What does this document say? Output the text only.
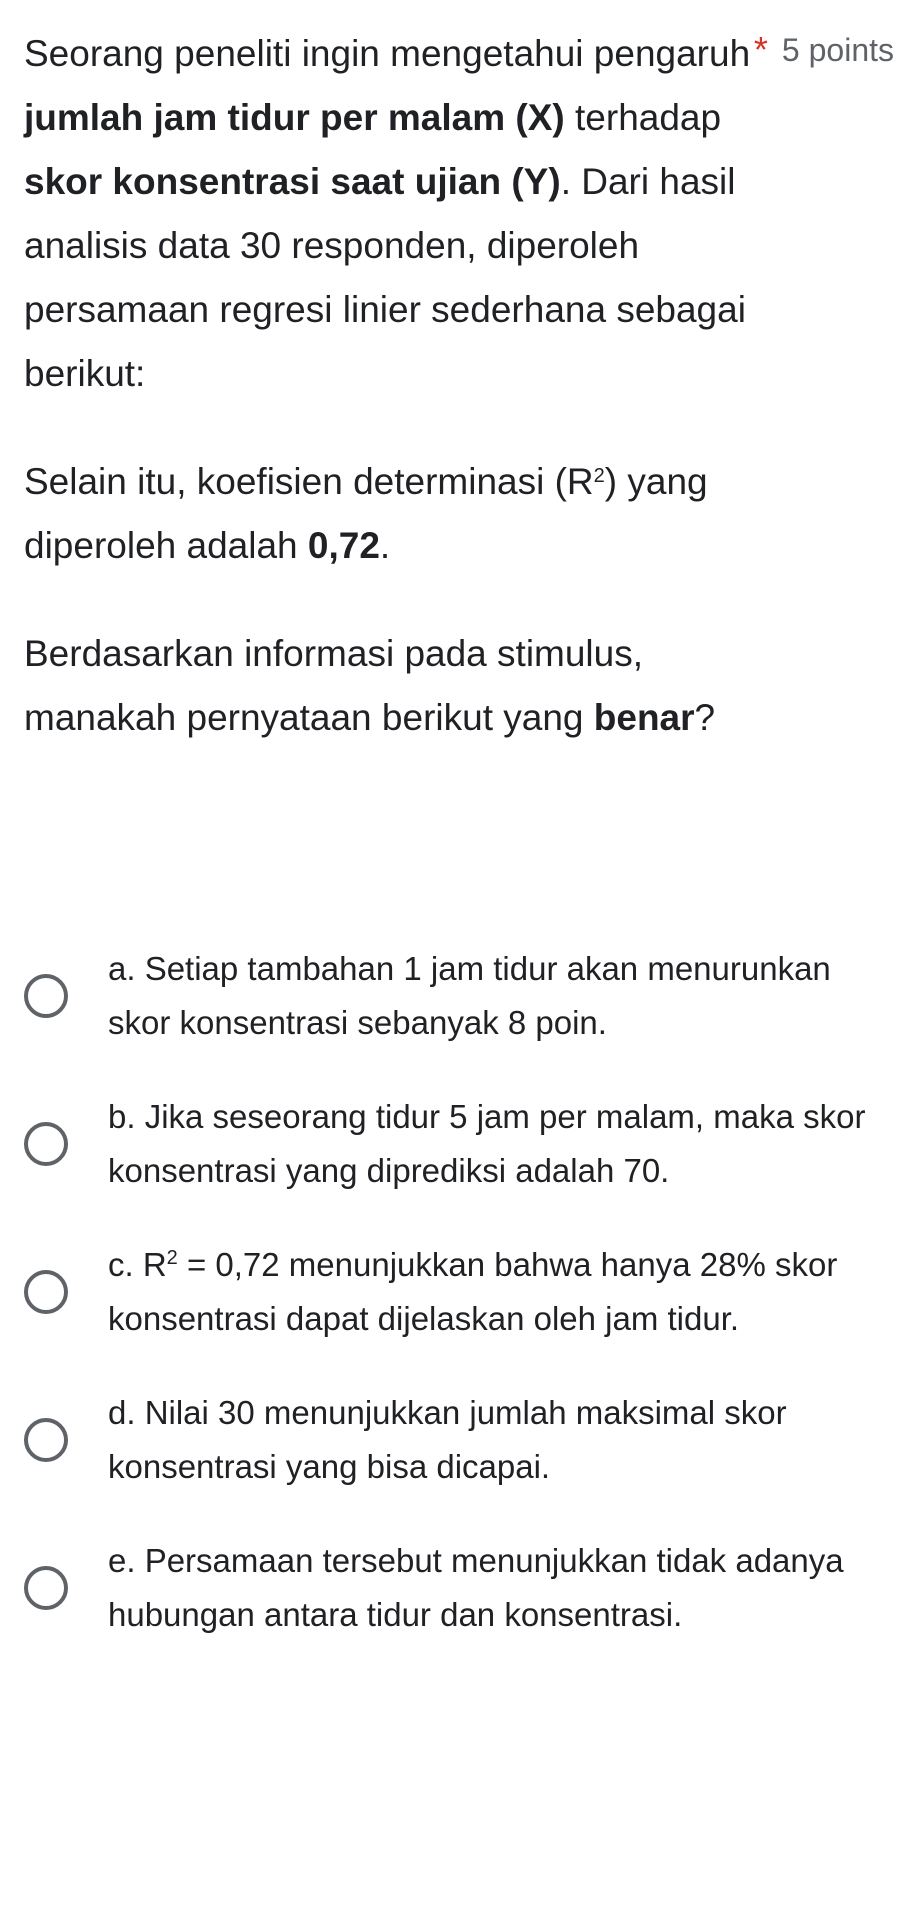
Seorang peneliti ingin mengetahui pengaruh jumlah jam tidur per malam (X) terhadap skor konsentrasi saat ujian (Y). Dari hasil analisis data 30 responden, diperoleh persamaan regresi linier sederhana sebagai berikut:

Selain itu, koefisien determinasi $(R^2)$ yang diperoleh adalah 0,72.

Berdasarkan informasi pada stimulus, manakah pernyataan berikut yang benar?

* 5 points
a. Setiap tambahan 1 jam tidur akan menurunkan skor konsentrasi sebanyak 8 poin.
b. Jika seseorang tidur 5 jam per malam, maka skor konsentrasi yang diprediksi adalah 70.
c. $R^2 = 0,72$ menunjukkan bahwa hanya 28% skor konsentrasi dapat dijelaskan oleh jam tidur.
d. Nilai 30 menunjukkan jumlah maksimal skor konsentrasi yang bisa dicapai.
e. Persamaan tersebut menunjukkan tidak adanya hubungan antara tidur dan konsentrasi.
